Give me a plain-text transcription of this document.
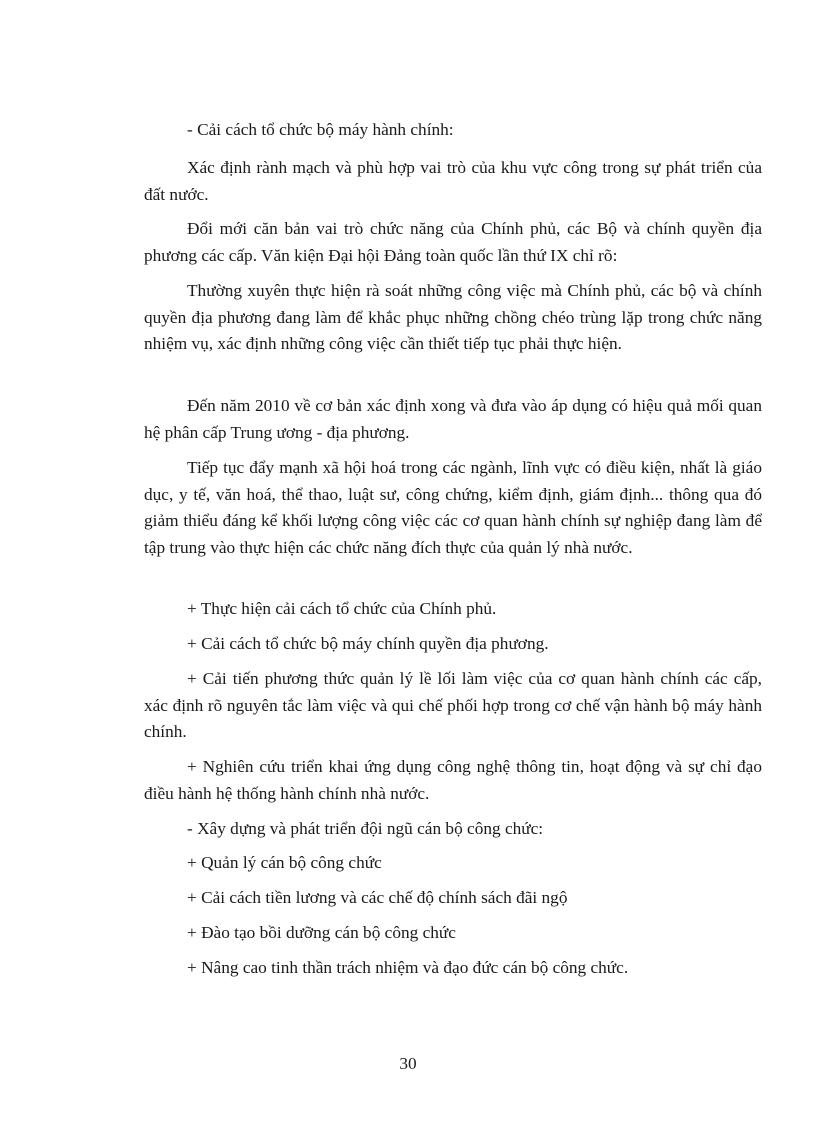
- Cải cách tổ chức bộ máy hành chính:

Xác định rành mạch và phù hợp vai trò của khu vực công trong sự phát triển của đất nước.

Đổi mới căn bản vai trò chức năng của Chính phủ, các Bộ và chính quyền địa phương các cấp. Văn kiện Đại hội Đảng toàn quốc lần thứ IX chỉ rõ:

Thường xuyên thực hiện rà soát những công việc mà Chính phủ, các bộ và chính quyền địa phương đang làm để khắc phục những chồng chéo trùng lặp trong chức năng nhiệm vụ, xác định những công việc cần thiết tiếp tục phải thực hiện.

Đến năm 2010 về cơ bản xác định xong và đưa vào áp dụng có hiệu quả mối quan hệ phân cấp Trung ương - địa phương.

Tiếp tục đẩy mạnh xã hội hoá trong các ngành, lĩnh vực có điều kiện, nhất là giáo dục, y tế, văn hoá, thể thao, luật sư, công chứng, kiểm định, giám định... thông qua đó giảm thiểu đáng kể khối lượng công việc các cơ quan hành chính sự nghiệp đang làm để tập trung vào thực hiện các chức năng đích thực của quản lý nhà nước.

+ Thực hiện cải cách tổ chức của Chính phủ.

+ Cải cách tổ chức bộ máy chính quyền địa phương.

+ Cải tiến phương thức quản lý lề lối làm việc của cơ quan hành chính các cấp, xác định rõ nguyên tắc làm việc và qui chế phối hợp trong cơ chế vận hành bộ máy hành chính.

+ Nghiên cứu triển khai ứng dụng công nghệ thông tin, hoạt động và sự chỉ đạo điều hành hệ thống hành chính nhà nước.

- Xây dựng và phát triển đội ngũ cán bộ công chức:

+ Quản lý cán bộ công chức

+ Cải cách tiền lương và các chế độ chính sách đãi ngộ

+ Đào tạo bồi dưỡng cán bộ công chức

+ Nâng cao tinh thần trách nhiệm và đạo đức cán bộ công chức.

30
